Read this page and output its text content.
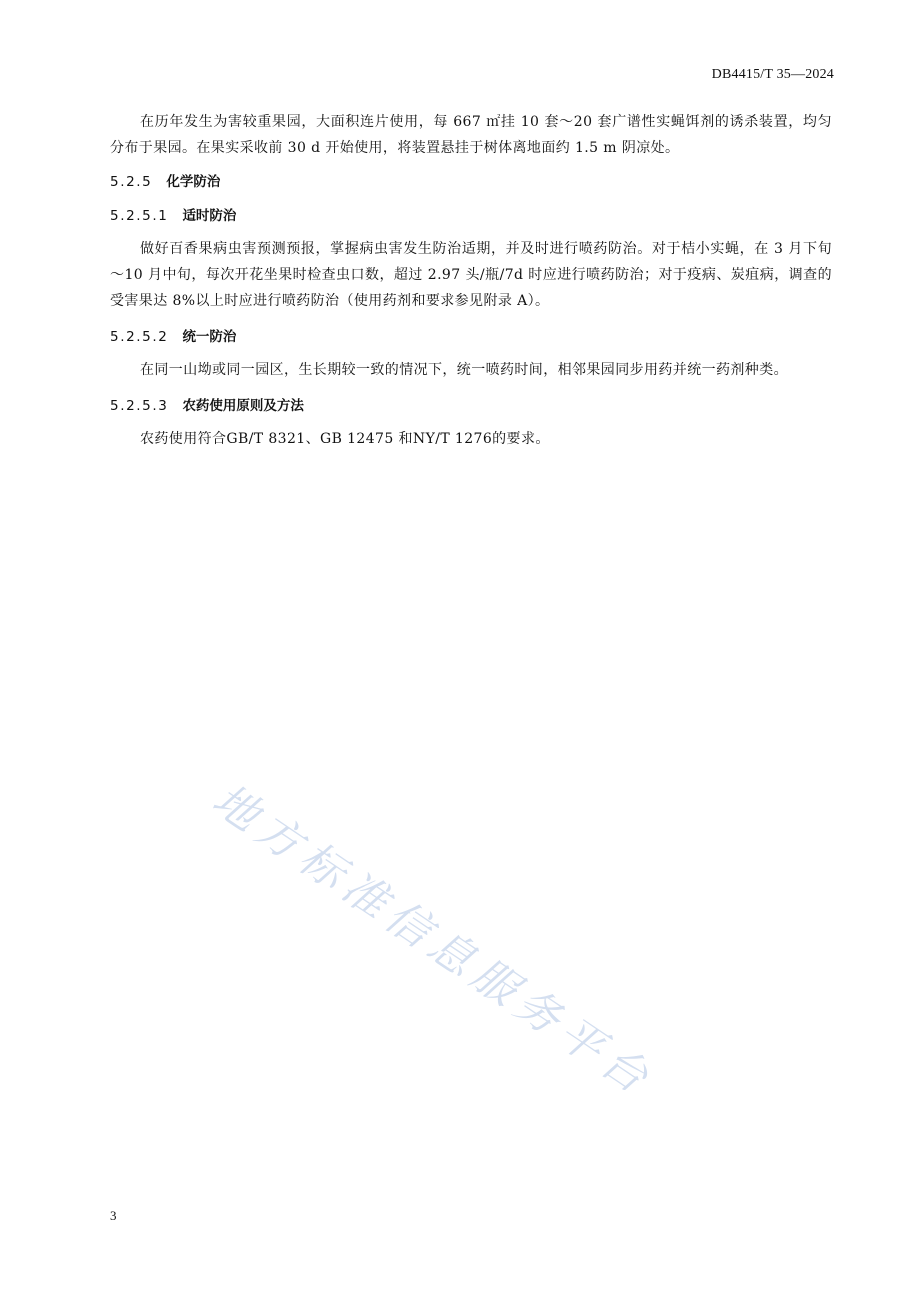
DB4415/T 35—2024

在历年发生为害较重果园，大面积连片使用，每 667 ㎡挂 10 套～20 套广谱性实蝇饵剂的诱杀装置，均匀分布于果园。在果实采收前 30 d 开始使用，将装置悬挂于树体离地面约 1.5 m 阴凉处。

5.2.5 化学防治
5.2.5.1 适时防治

做好百香果病虫害预测预报，掌握病虫害发生防治适期，并及时进行喷药防治。对于桔小实蝇，在 3 月下旬～10 月中旬，每次开花坐果时检查虫口数，超过 2.97 头/瓶/7d 时应进行喷药防治；对于疫病、炭疽病，调查的受害果达 8%以上时应进行喷药防治（使用药剂和要求参见附录 A）。

5.2.5.2 统一防治

在同一山坳或同一园区，生长期较一致的情况下，统一喷药时间，相邻果园同步用药并统一药剂种类。

5.2.5.3 农药使用原则及方法

农药使用符合GB/T 8321、GB 12475 和NY/T 1276的要求。

地方标准信息服务平台
3
